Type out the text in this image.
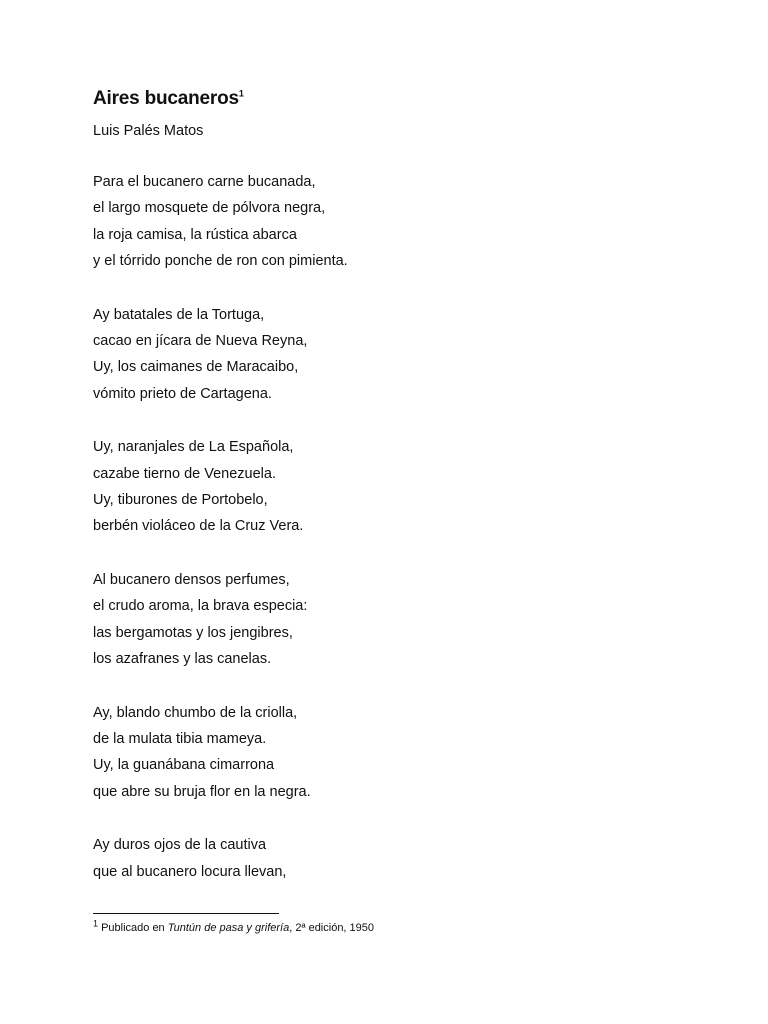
Aires bucaneros$^1$

Luis Palés Matos

Para el bucanero carne bucanada,
el largo mosquete de pólvora negra,
la roja camisa, la rústica abarca
y el tórrido ponche de ron con pimienta.
Ay batatales de la Tortuga,
cacao en jícara de Nueva Reyna,
Uy, los caimanes de Maracaibo,
vómito prieto de Cartagena.
Uy, naranjales de La Española,
cazabe tierno de Venezuela.
Uy, tiburones de Portobelo,
berbén violáceo de la Cruz Vera.
Al bucanero densos perfumes,
el crudo aroma, la brava especia:
las bergamotas y los jengibres,
los azafranes y las canelas.
Ay, blando chumbo de la criolla,
de la mulata tibia mameya.
Uy, la guanábana cimarrona
que abre su bruja flor en la negra.
Ay duros ojos de la cautiva
que al bucanero locura llevan,
$^1$ Publicado en Tuntún de pasa y grifería, 2ª edición, 1950
